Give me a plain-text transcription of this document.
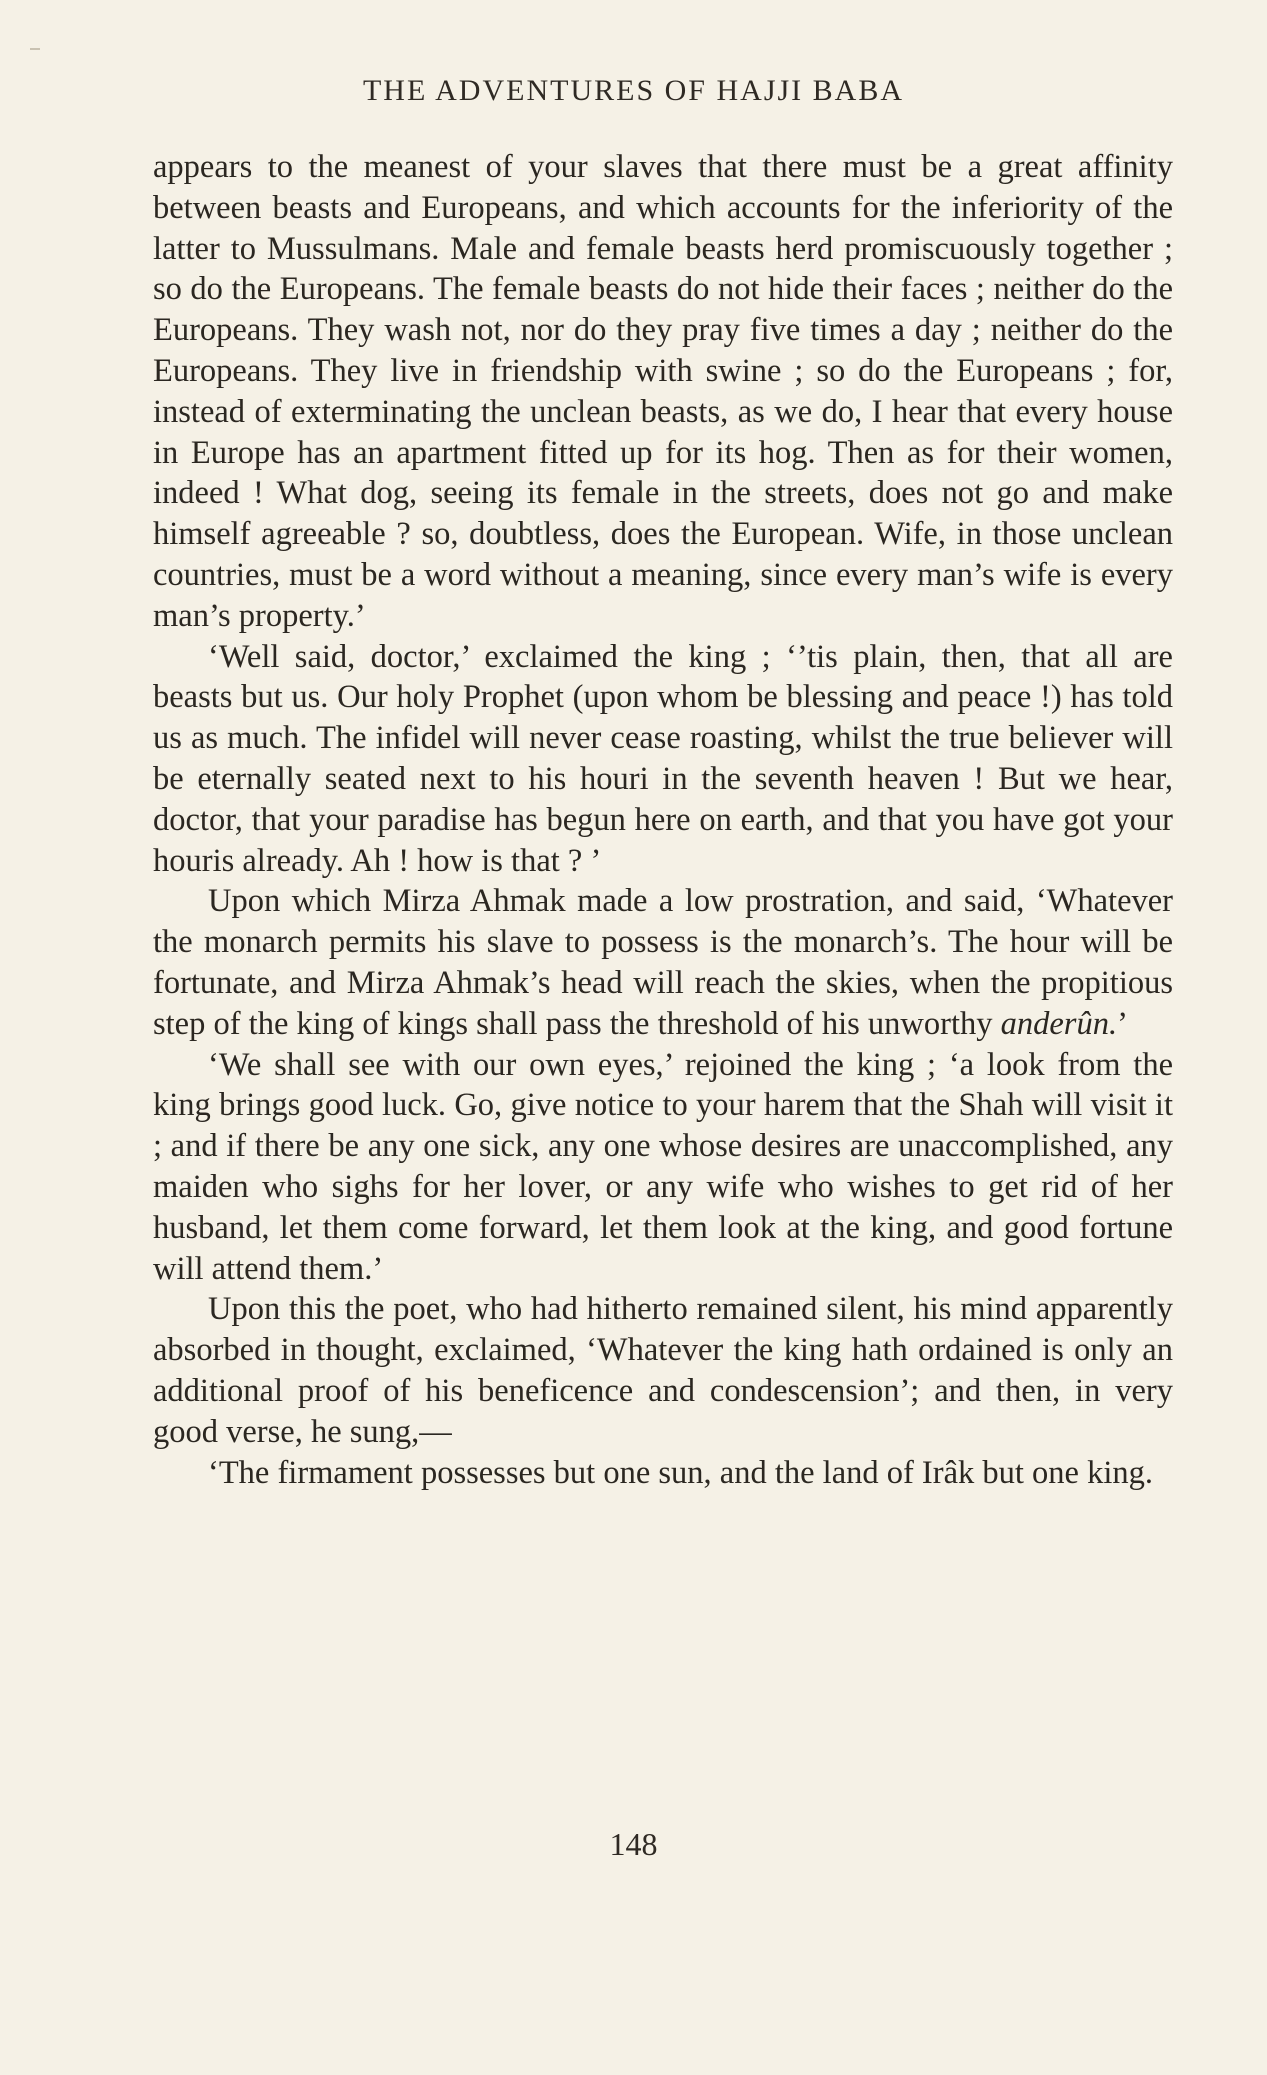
THE ADVENTURES OF HAJJI BABA

appears to the meanest of your slaves that there must be a great affinity between beasts and Europeans, and which accounts for the inferiority of the latter to Mussulmans. Male and female beasts herd promiscuously together ; so do the Europeans. The female beasts do not hide their faces ; neither do the Europeans. They wash not, nor do they pray five times a day ; neither do the Europeans. They live in friendship with swine ; so do the Europeans ; for, instead of exterminating the unclean beasts, as we do, I hear that every house in Europe has an apartment fitted up for its hog. Then as for their women, indeed ! What dog, seeing its female in the streets, does not go and make himself agreeable ? so, doubtless, does the European. Wife, in those unclean countries, must be a word without a meaning, since every man’s wife is every man’s property.’

‘Well said, doctor,’ exclaimed the king ; ‘’tis plain, then, that all are beasts but us. Our holy Prophet (upon whom be blessing and peace !) has told us as much. The infidel will never cease roasting, whilst the true believer will be eternally seated next to his houri in the seventh heaven ! But we hear, doctor, that your paradise has begun here on earth, and that you have got your houris already. Ah ! how is that ? ’

Upon which Mirza Ahmak made a low prostration, and said, ‘Whatever the monarch permits his slave to possess is the monarch’s. The hour will be fortunate, and Mirza Ahmak’s head will reach the skies, when the propitious step of the king of kings shall pass the threshold of his unworthy anderûn.’

‘We shall see with our own eyes,’ rejoined the king ; ‘a look from the king brings good luck. Go, give notice to your harem that the Shah will visit it ; and if there be any one sick, any one whose desires are unaccomplished, any maiden who sighs for her lover, or any wife who wishes to get rid of her husband, let them come forward, let them look at the king, and good fortune will attend them.’

Upon this the poet, who had hitherto remained silent, his mind apparently absorbed in thought, exclaimed, ‘Whatever the king hath ordained is only an additional proof of his beneficence and condescension’; and then, in very good verse, he sung,—

‘The firmament possesses but one sun, and the land of Irâk but one king.

148
